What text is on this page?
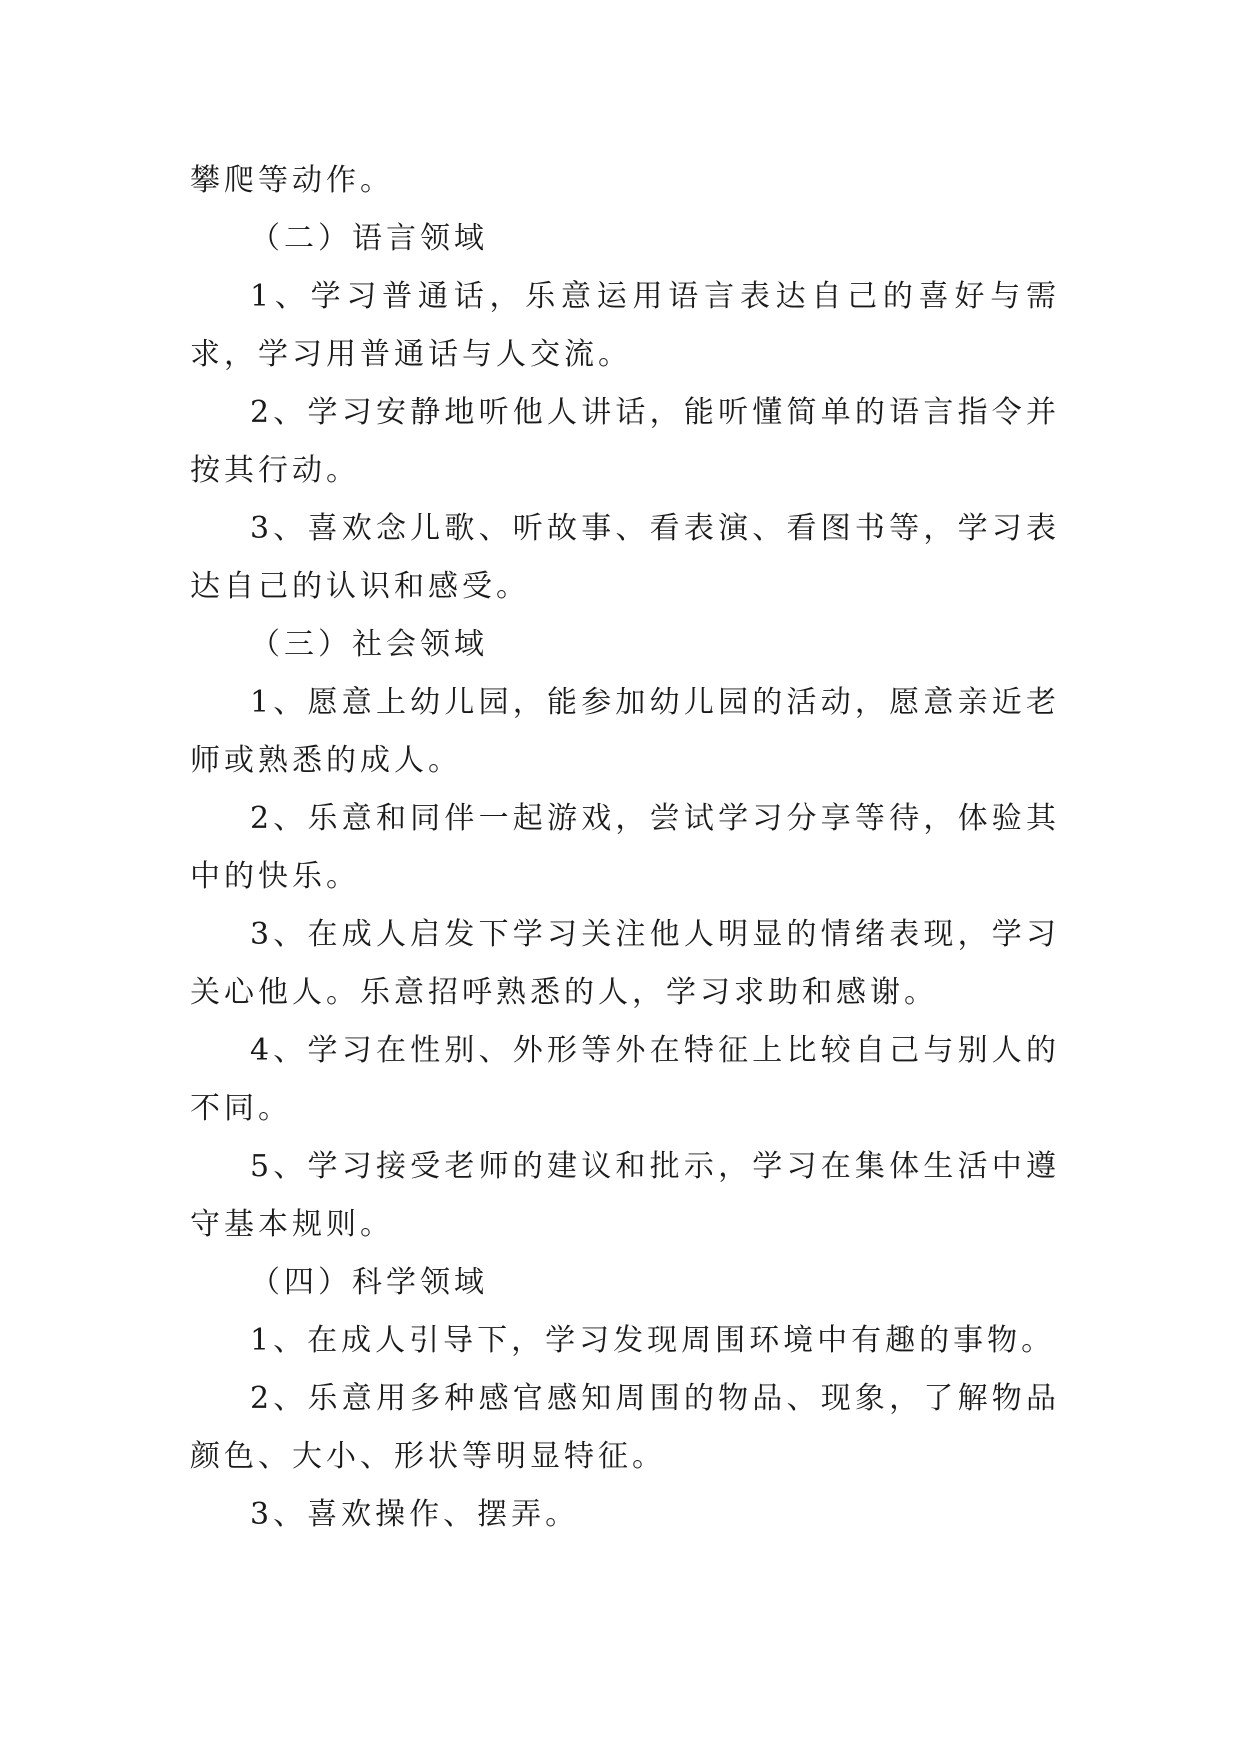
攀爬等动作。

（二）语言领域

1、学习普通话，乐意运用语言表达自己的喜好与需求，学习用普通话与人交流。

2、学习安静地听他人讲话，能听懂简单的语言指令并按其行动。

3、喜欢念儿歌、听故事、看表演、看图书等，学习表达自己的认识和感受。

（三）社会领域

1、愿意上幼儿园，能参加幼儿园的活动，愿意亲近老师或熟悉的成人。

2、乐意和同伴一起游戏，尝试学习分享等待，体验其中的快乐。

3、在成人启发下学习关注他人明显的情绪表现，学习关心他人。乐意招呼熟悉的人，学习求助和感谢。

4、学习在性别、外形等外在特征上比较自己与别人的不同。

5、学习接受老师的建议和批示，学习在集体生活中遵守基本规则。

（四）科学领域

1、在成人引导下，学习发现周围环境中有趣的事物。

2、乐意用多种感官感知周围的物品、现象，了解物品颜色、大小、形状等明显特征。

3、喜欢操作、摆弄。
